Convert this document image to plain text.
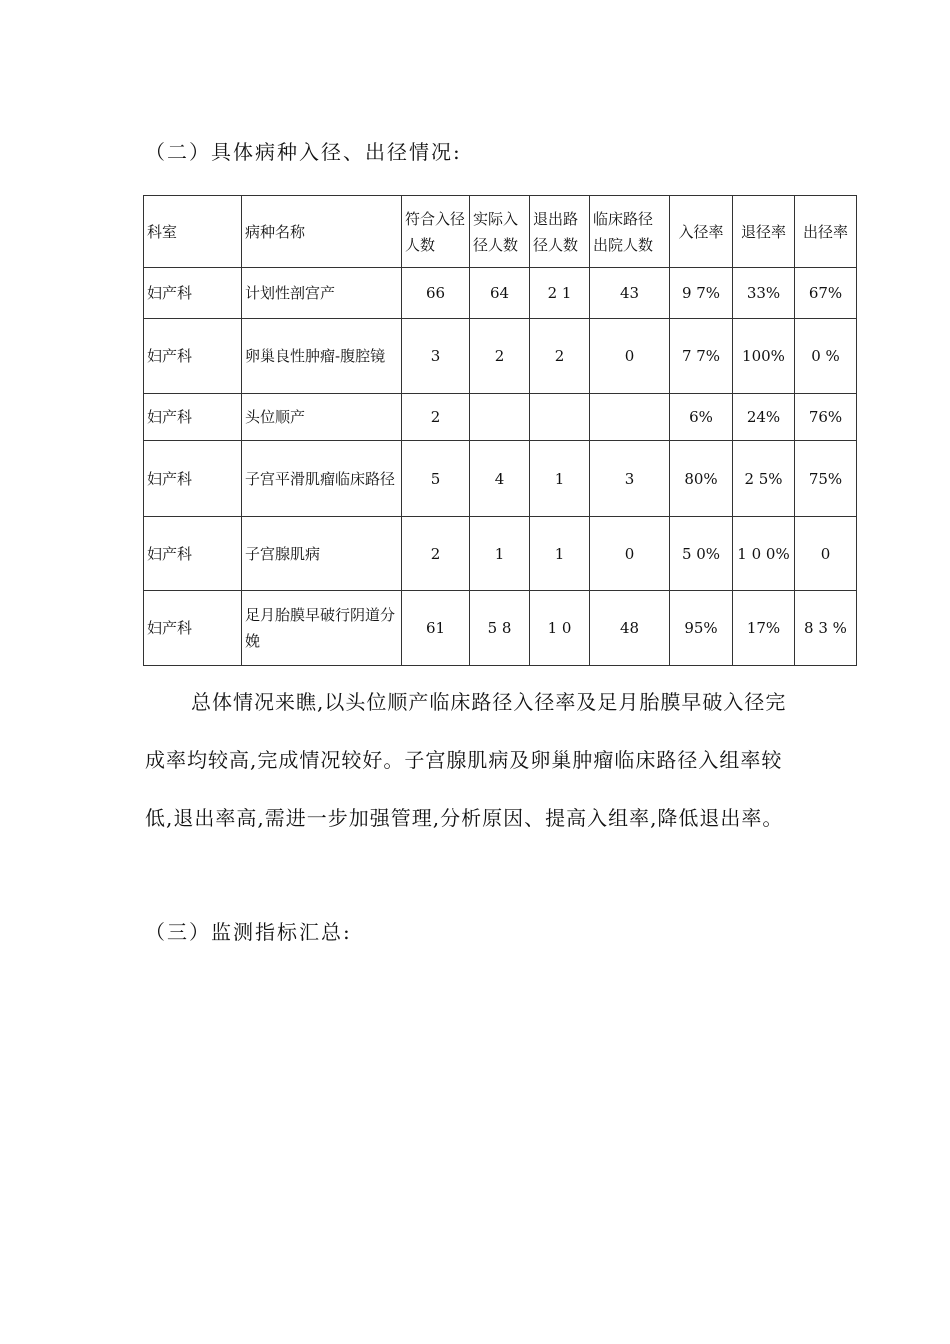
（二）具体病种入径、出径情况:
科室	病种名称	符合入径人数	实际入径人数	退出路径人数	临床路径出院人数	入径率	退径率	出径率
妇产科	计划性剖宫产	66	64	2 1	43	9 7%	33%	67%
妇产科	卵巢良性肿瘤-腹腔镜	3	2	2	0	7 7%	100%	0 %
妇产科	头位顺产	2				6%	24%	76%
妇产科	子宫平滑肌瘤临床路径	5	4	1	3	80%	2 5%	75%
妇产科	子宫腺肌病	2	1	1	0	5 0%	1 0 0%	0
妇产科	足月胎膜早破行阴道分娩	61	5 8	1 0	48	95%	17%	8 3 %

总体情况来瞧,以头位顺产临床路径入径率及足月胎膜早破入径完成率均较高,完成情况较好。子宫腺肌病及卵巢肿瘤临床路径入组率较低,退出率高,需进一步加强管理,分析原因、提高入组率,降低退出率。

（三）监测指标汇总:
